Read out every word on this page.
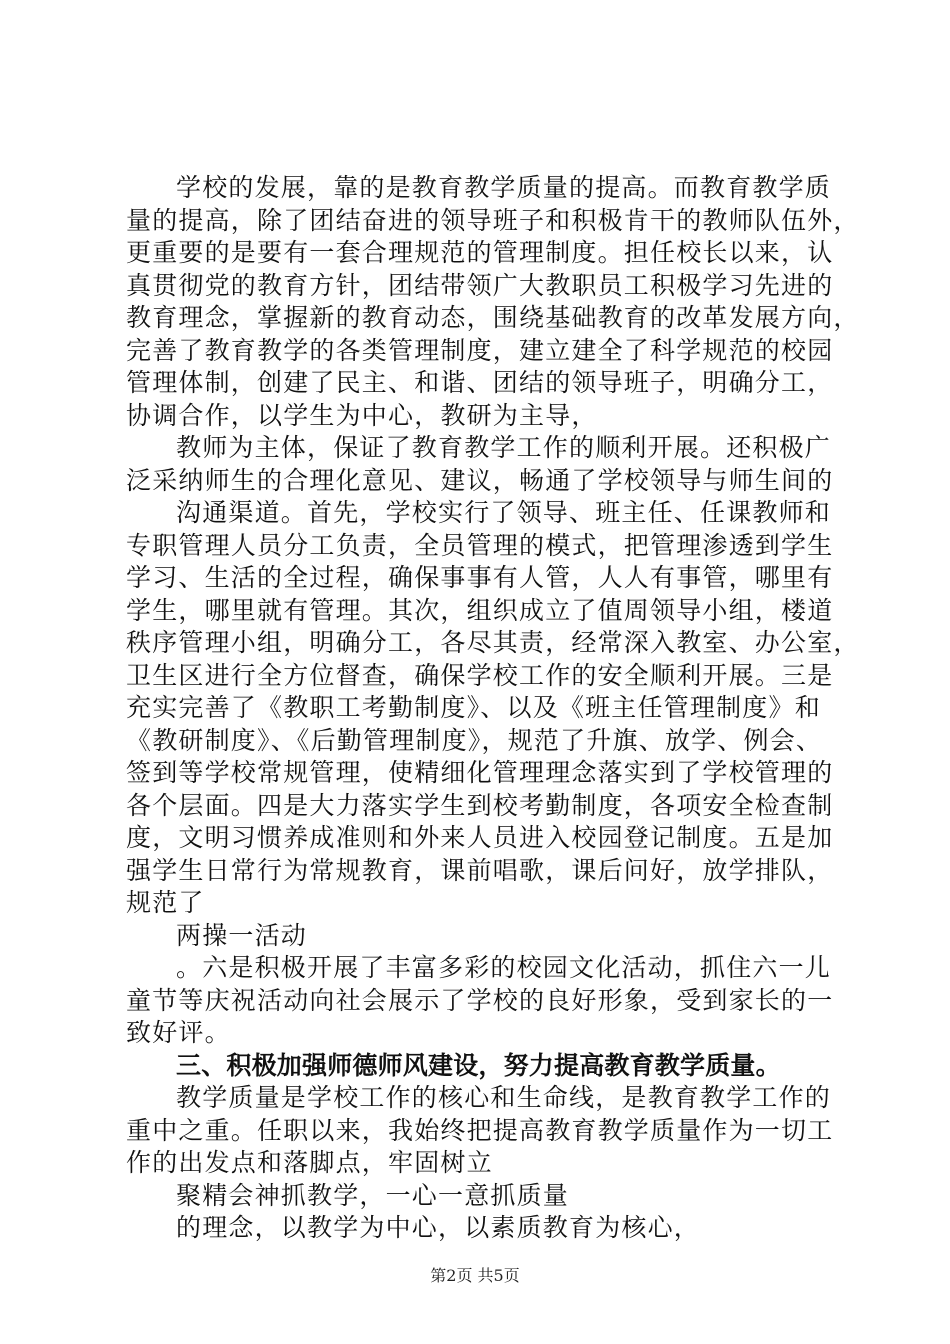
学校的发展，靠的是教育教学质量的提高。而教育教学质
量的提高，除了团结奋进的领导班子和积极肯干的教师队伍外，
更重要的是要有一套合理规范的管理制度。担任校长以来，认
真贯彻党的教育方针，团结带领广大教职员工积极学习先进的
教育理念，掌握新的教育动态，围绕基础教育的改革发展方向，
完善了教育教学的各类管理制度，建立建全了科学规范的校园
管理体制，创建了民主、和谐、团结的领导班子，明确分工，
协调合作，以学生为中心，教研为主导，
教师为主体，保证了教育教学工作的顺利开展。还积极广
泛采纳师生的合理化意见、建议，畅通了学校领导与师生间的
沟通渠道。首先，学校实行了领导、班主任、任课教师和
专职管理人员分工负责，全员管理的模式，把管理渗透到学生
学习、生活的全过程，确保事事有人管，人人有事管，哪里有
学生，哪里就有管理。其次，组织成立了值周领导小组，楼道
秩序管理小组，明确分工，各尽其责，经常深入教室、办公室，
卫生区进行全方位督查，确保学校工作的安全顺利开展。三是
充实完善了《教职工考勤制度》、以及《班主任管理制度》和
《教研制度》、《后勤管理制度》，规范了升旗、放学、例会、
签到等学校常规管理，使精细化管理理念落实到了学校管理的
各个层面。四是大力落实学生到校考勤制度，各项安全检查制
度，文明习惯养成准则和外来人员进入校园登记制度。五是加
强学生日常行为常规教育，课前唱歌，课后问好，放学排队，
规范了
两操一活动
。六是积极开展了丰富多彩的校园文化活动，抓住六一儿
童节等庆祝活动向社会展示了学校的良好形象，受到家长的一
致好评。
三、积极加强师德师风建设，努力提高教育教学质量。
教学质量是学校工作的核心和生命线，是教育教学工作的
重中之重。任职以来，我始终把提高教育教学质量作为一切工
作的出发点和落脚点，牢固树立
聚精会神抓教学，一心一意抓质量
的理念，以教学为中心，以素质教育为核心，
第2页 共5页
